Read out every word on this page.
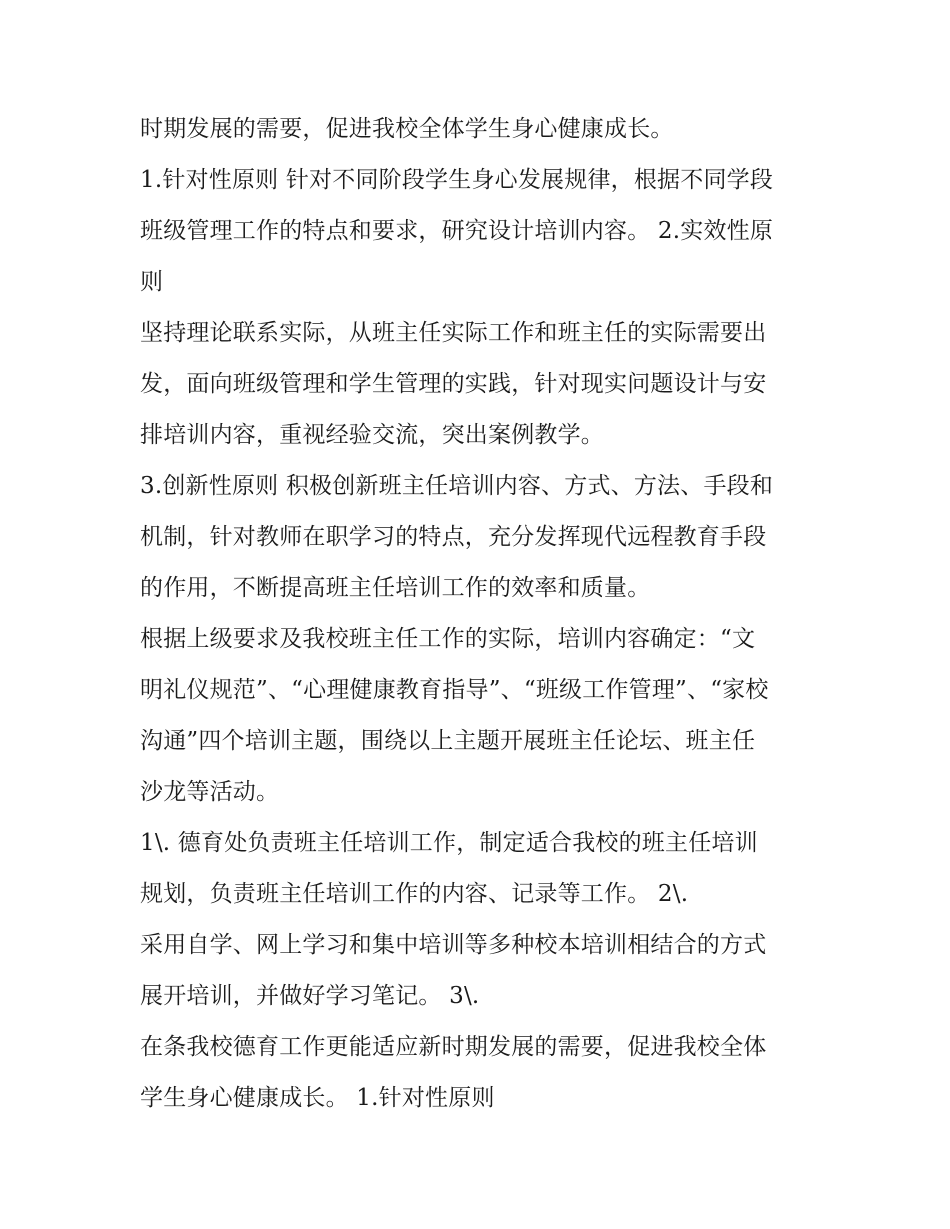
时期发展的需要，促进我校全体学生身心健康成长。
1.针对性原则 针对不同阶段学生身心发展规律，根据不同学段
班级管理工作的特点和要求，研究设计培训内容。 2.实效性原
则
坚持理论联系实际，从班主任实际工作和班主任的实际需要出
发，面向班级管理和学生管理的实践，针对现实问题设计与安
排培训内容，重视经验交流，突出案例教学。
3.创新性原则 积极创新班主任培训内容、方式、方法、手段和
机制，针对教师在职学习的特点，充分发挥现代远程教育手段
的作用，不断提高班主任培训工作的效率和质量。
根据上级要求及我校班主任工作的实际，培训内容确定：“文
明礼仪规范”、“心理健康教育指导”、“班级工作管理”、“家校
沟通”四个培训主题，围绕以上主题开展班主任论坛、班主任
沙龙等活动。
1\. 德育处负责班主任培训工作，制定适合我校的班主任培训
规划，负责班主任培训工作的内容、记录等工作。 2\.
采用自学、网上学习和集中培训等多种校本培训相结合的方式
展开培训，并做好学习笔记。 3\.
在条我校德育工作更能适应新时期发展的需要，促进我校全体
学生身心健康成长。 1.针对性原则
